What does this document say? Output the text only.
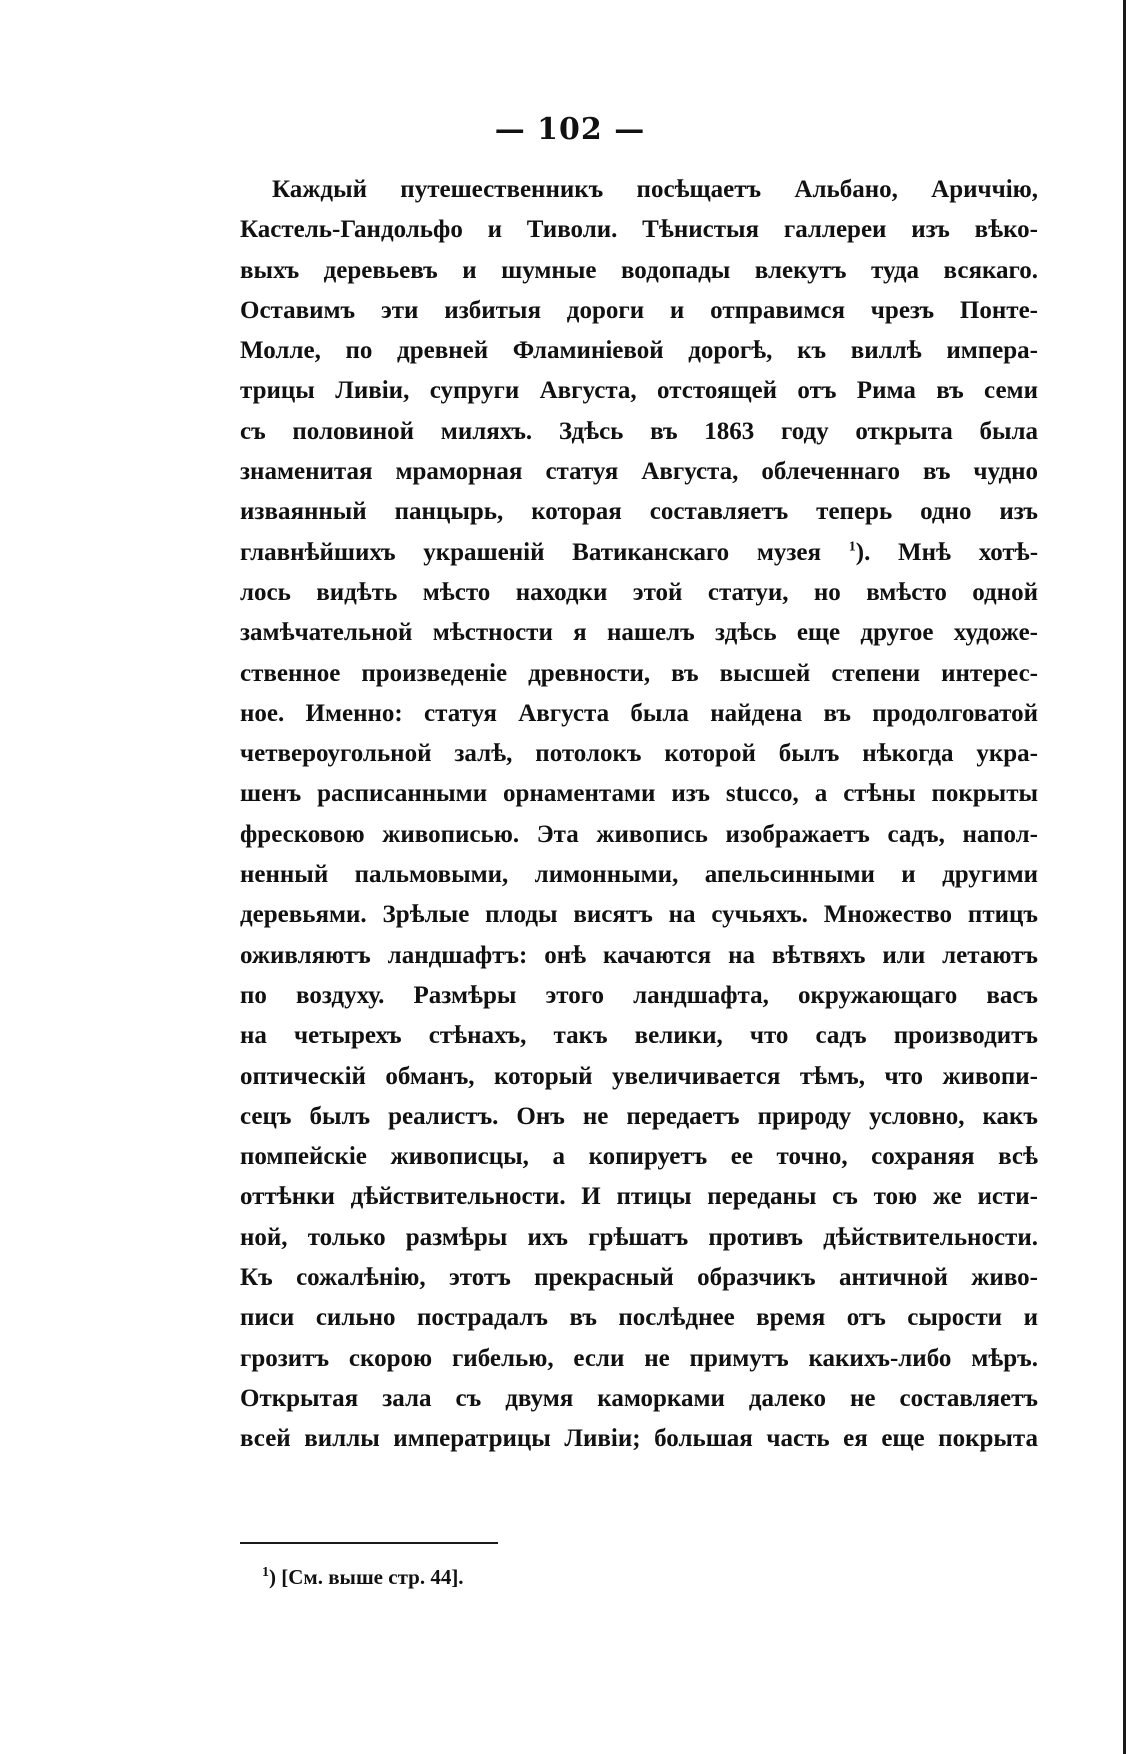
— 102 —
Каждый путешественникъ посѣщаетъ Альбано, Ариччію,
Кастель-Гандольфо и Тиволи. Тѣнистыя галлереи изъ вѣко-
выхъ деревьевъ и шумные водопады влекутъ туда всякаго.
Оставимъ эти избитыя дороги и отправимся чрезъ Понте-
Молле, по древней Фламиніевой дорогѣ, къ виллѣ импера-
трицы Ливіи, супруги Августа, отстоящей отъ Рима въ семи
съ половиной миляхъ. Здѣсь въ 1863 году открыта была
знаменитая мраморная статуя Августа, облеченнаго въ чудно
изваянный панцырь, которая составляетъ теперь одно изъ
главнѣйшихъ украшеній Ватиканскаго музея $^1$). Мнѣ хотѣ-
лось видѣть мѣсто находки этой статуи, но вмѣсто одной
замѣчательной мѣстности я нашелъ здѣсь еще другое художе-
ственное произведеніе древности, въ высшей степени интерес-
ное. Именно: статуя Августа была найдена въ продолговатой
четвероугольной залѣ, потолокъ которой былъ нѣкогда укра-
шенъ расписанными орнаментами изъ stucco, а стѣны покрыты
фресковою живописью. Эта живопись изображаетъ садъ, напол-
ненный пальмовыми, лимонными, апельсинными и другими
деревьями. Зрѣлые плоды висятъ на сучьяхъ. Множество птицъ
оживляютъ ландшафтъ: онѣ качаются на вѣтвяхъ или летаютъ
по воздуху. Размѣры этого ландшафта, окружающаго васъ
на четырехъ стѣнахъ, такъ велики, что садъ производитъ
оптическій обманъ, который увеличивается тѣмъ, что живопи-
сецъ былъ реалистъ. Онъ не передаетъ природу условно, какъ
помпейскіе живописцы, а копируетъ ее точно, сохраняя всѣ
оттѣнки дѣйствительности. И птицы переданы съ тою же исти-
ной, только размѣры ихъ грѣшатъ противъ дѣйствительности.
Къ сожалѣнію, этотъ прекрасный образчикъ античной живо-
писи сильно пострадалъ въ послѣднее время отъ сырости и
грозитъ скорою гибелью, если не примутъ какихъ-либо мѣръ.
Открытая зала съ двумя каморками далеко не составляетъ
всей виллы императрицы Ливіи; большая часть ея еще покрыта
$^1$) [См. выше стр. 44].
